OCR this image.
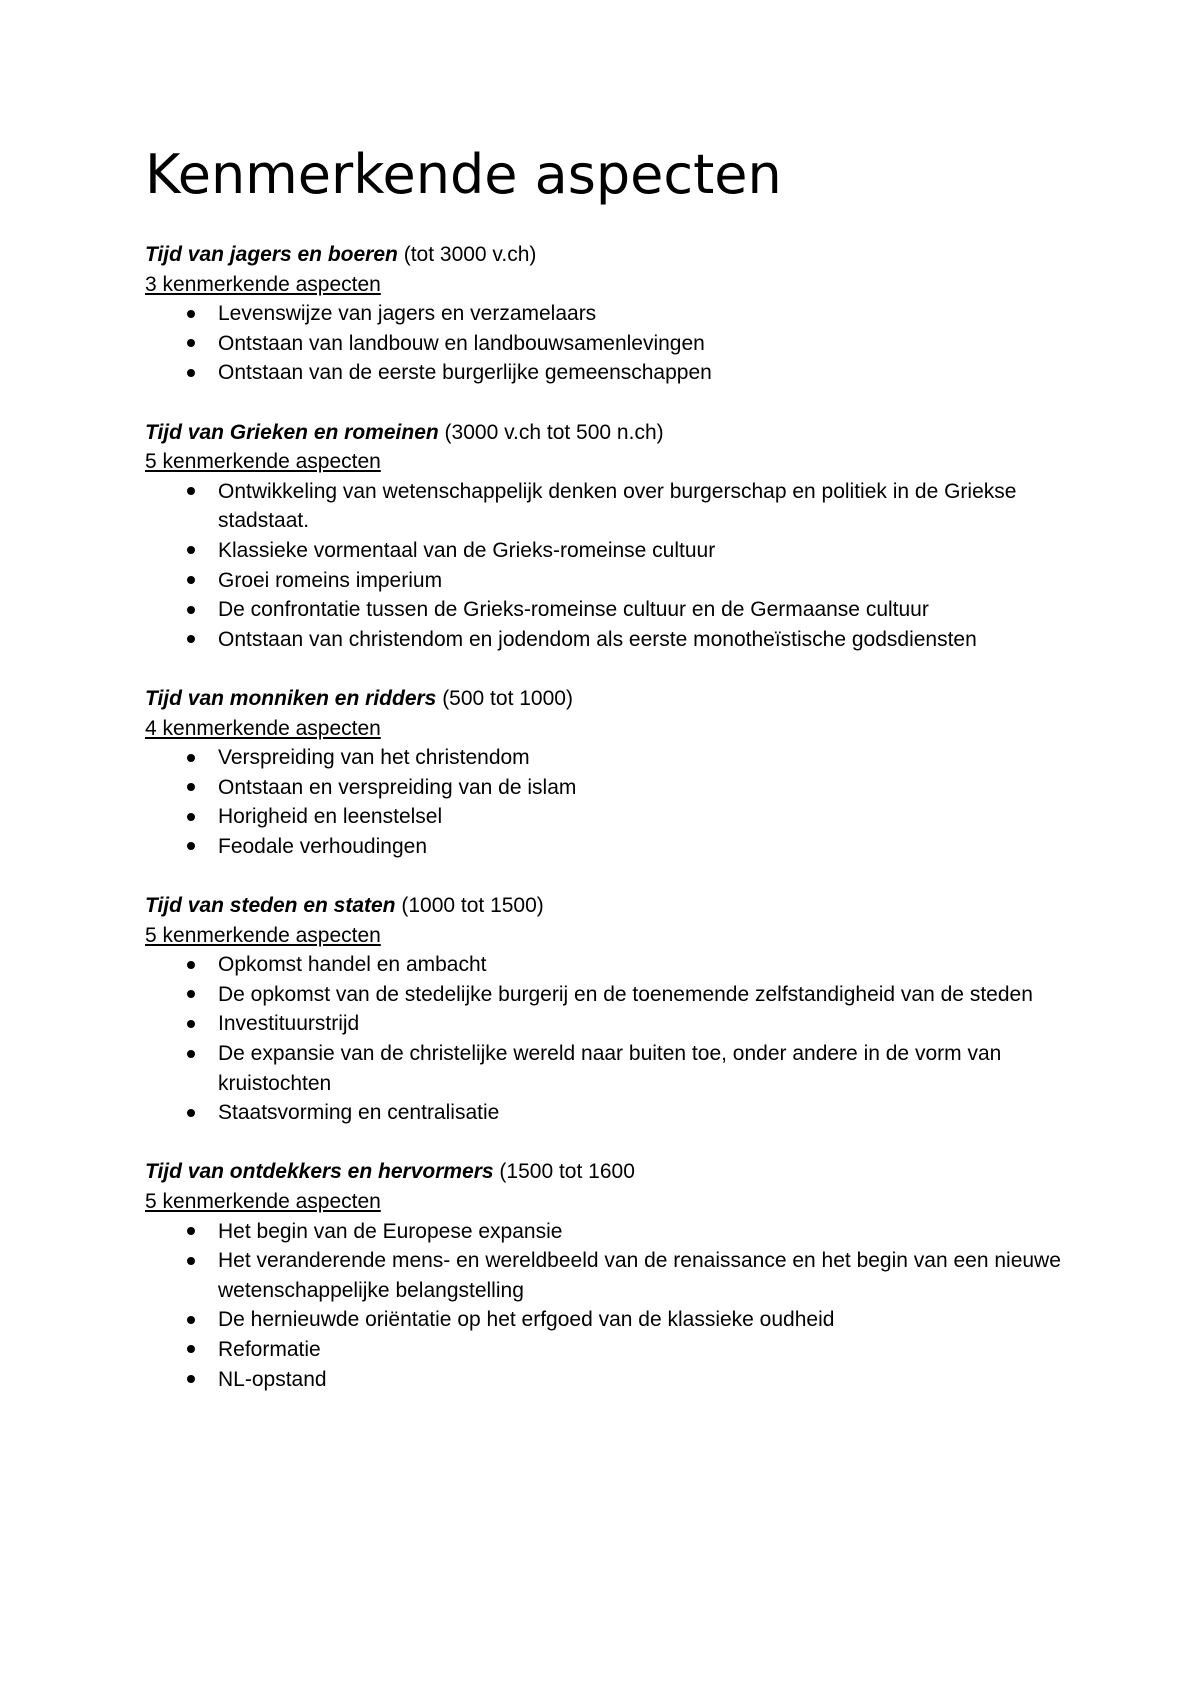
Kenmerkende aspecten

Tijd van jagers en boeren (tot 3000 v.ch)

3 kenmerkende aspecten

Levenswijze van jagers en verzamelaars
Ontstaan van landbouw en landbouwsamenlevingen
Ontstaan van de eerste burgerlijke gemeenschappen

Tijd van Grieken en romeinen (3000 v.ch tot 500 n.ch)

5 kenmerkende aspecten

Ontwikkeling van wetenschappelijk denken over burgerschap en politiek in de Griekse stadstaat.
Klassieke vormentaal van de Grieks-romeinse cultuur
Groei romeins imperium
De confrontatie tussen de Grieks-romeinse cultuur en de Germaanse cultuur
Ontstaan van christendom en jodendom als eerste monotheïstische godsdiensten

Tijd van monniken en ridders (500 tot 1000)

4 kenmerkende aspecten

Verspreiding van het christendom
Ontstaan en verspreiding van de islam
Horigheid en leenstelsel
Feodale verhoudingen

Tijd van steden en staten (1000 tot 1500)

5 kenmerkende aspecten

Opkomst handel en ambacht
De opkomst van de stedelijke burgerij en de toenemende zelfstandigheid van de steden
Investituurstrijd
De expansie van de christelijke wereld naar buiten toe, onder andere in de vorm van kruistochten
Staatsvorming en centralisatie

Tijd van ontdekkers en hervormers (1500 tot 1600

5 kenmerkende aspecten

Het begin van de Europese expansie
Het veranderende mens- en wereldbeeld van de renaissance en het begin van een nieuwe wetenschappelijke belangstelling
De hernieuwde oriëntatie op het erfgoed van de klassieke oudheid
Reformatie
NL-opstand
